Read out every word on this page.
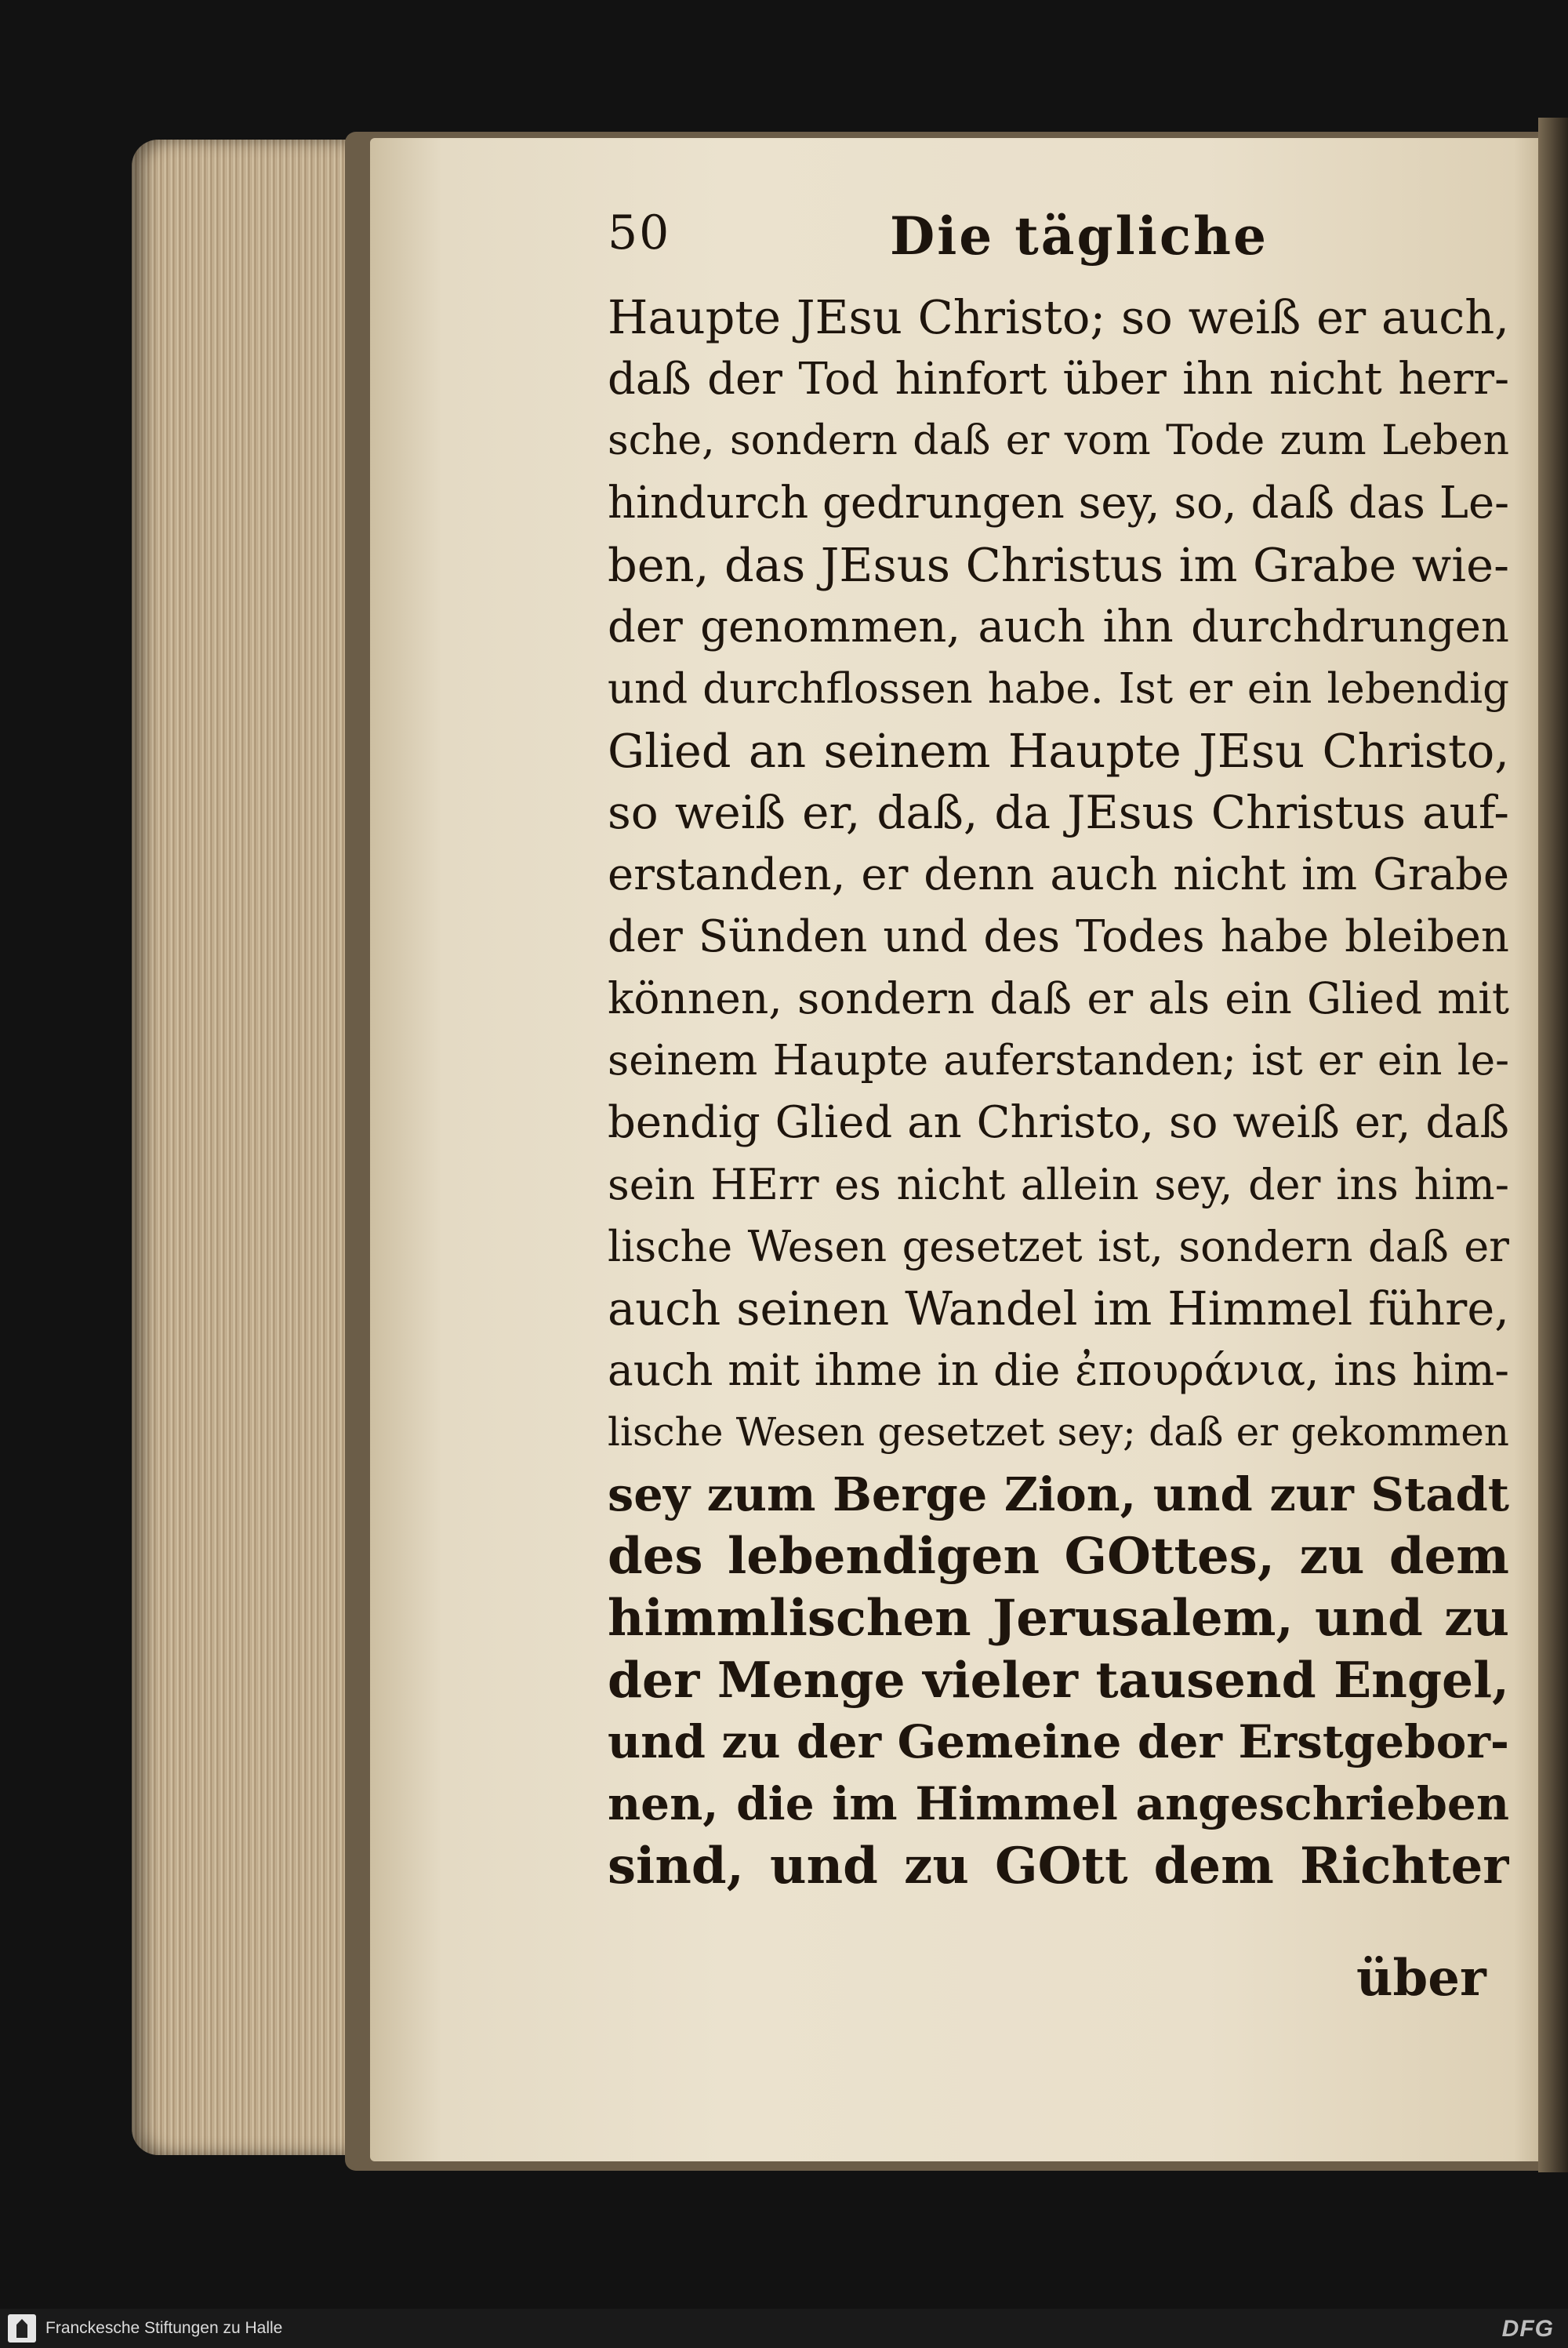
50	Die tägliche
Haupte JEsu Christo; so weiß er auch,
daß der Tod hinfort über ihn nicht herr-
sche, sondern daß er vom Tode zum Leben
hindurch gedrungen sey, so, daß das Le-
ben, das JEsus Christus im Grabe wie-
der genommen, auch ihn durchdrungen
und durchflossen habe. Ist er ein lebendig
Glied an seinem Haupte JEsu Christo,
so weiß er, daß, da JEsus Christus auf-
erstanden, er denn auch nicht im Grabe
der Sünden und des Todes habe bleiben
können, sondern daß er als ein Glied mit
seinem Haupte auferstanden; ist er ein le-
bendig Glied an Christo, so weiß er, daß
sein HErr es nicht allein sey, der ins him-
lische Wesen gesetzet ist, sondern daß er
auch seinen Wandel im Himmel führe,
auch mit ihme in die ἐπουράνια, ins him-
lische Wesen gesetzet sey; daß er gekommen
sey zum Berge Zion, und zur Stadt
des lebendigen GOttes, zu dem
himmlischen Jerusalem, und zu
der Menge vieler tausend Engel,
und zu der Gemeine der Erstgebor-
nen, die im Himmel angeschrieben
sind, und zu GOtt dem Richter
über
Franckesche Stiftungen zu Halle	DFG
